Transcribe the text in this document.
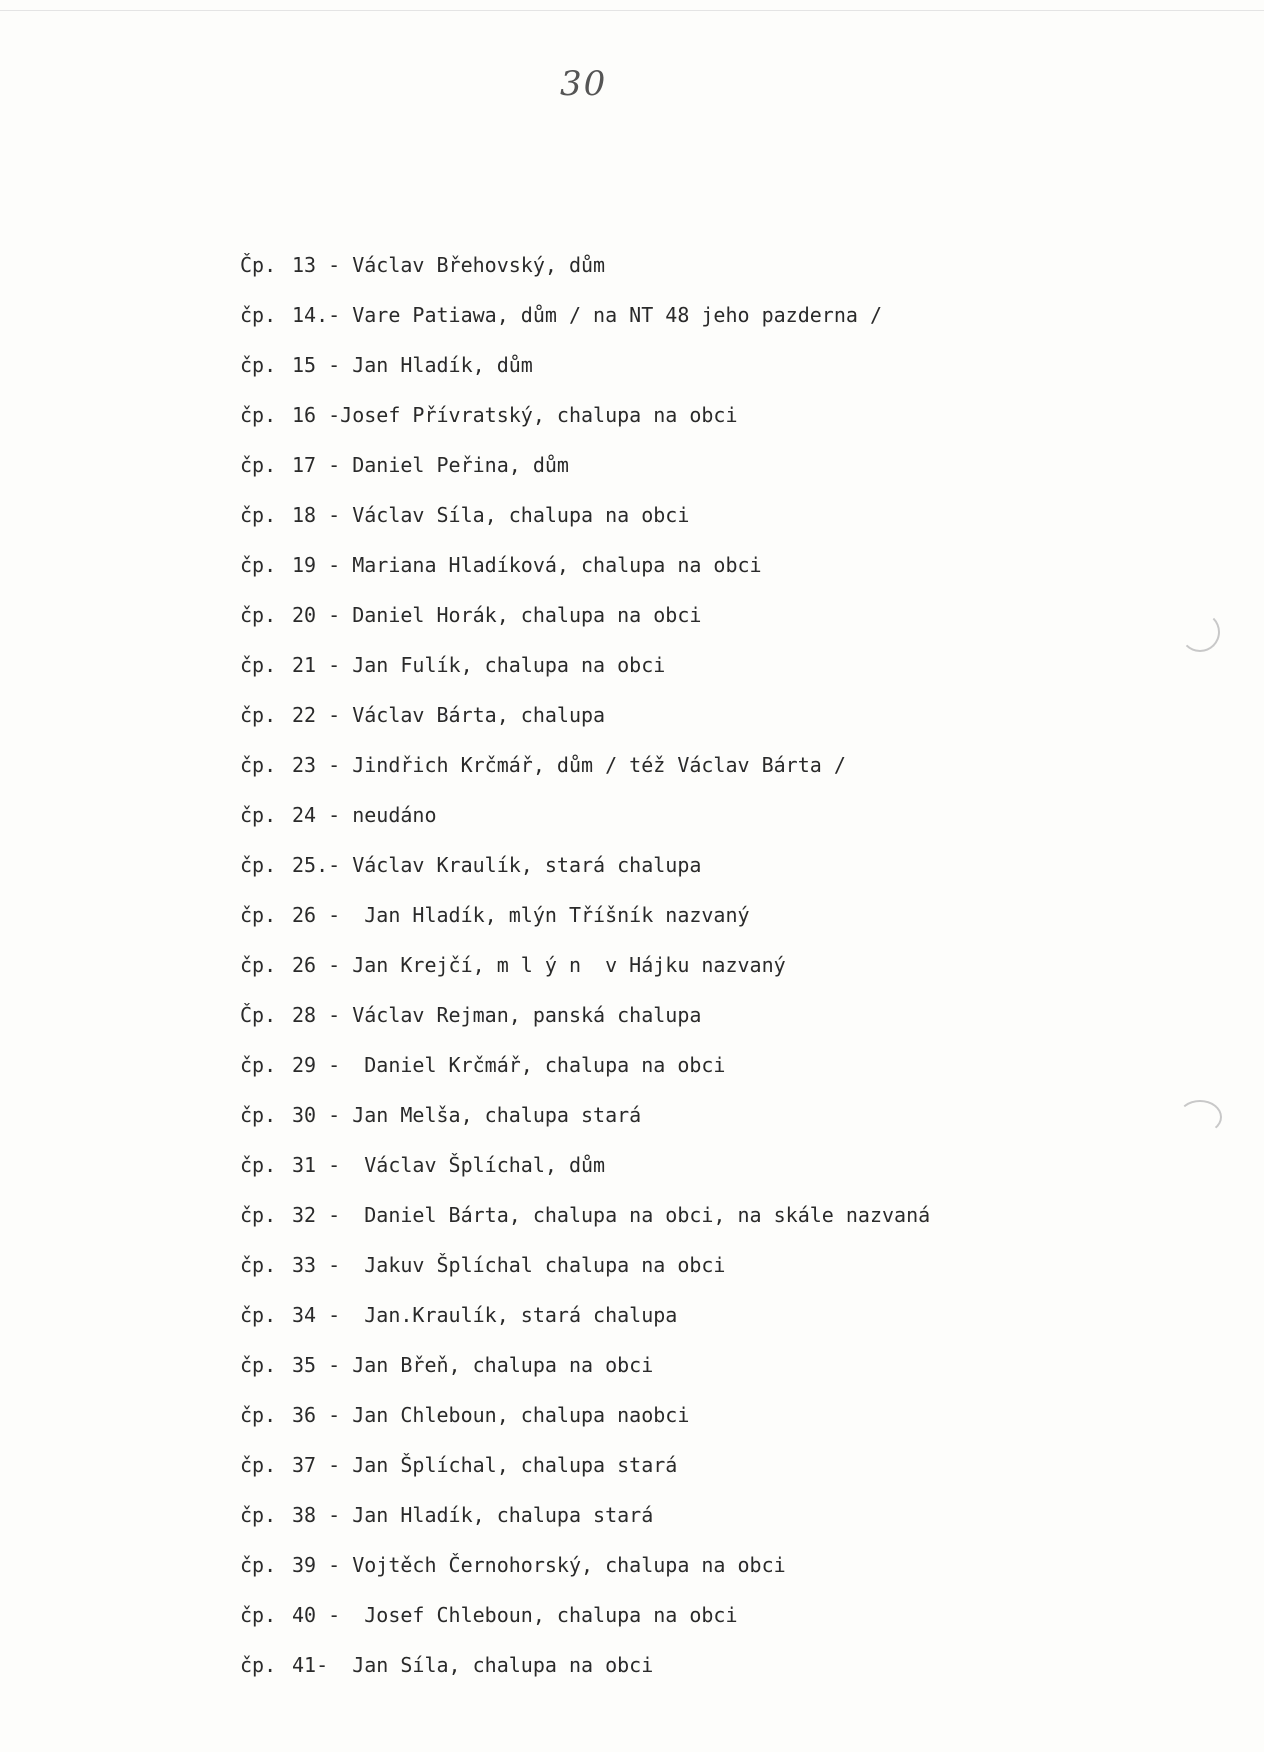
30
Čp. 13 - Václav Břehovský, dům
čp. 14.- Vare Patiawa, dům / na NT 48 jeho pazderna /
čp. 15 - Jan Hladík, dům
čp. 16 -Josef Přívratský, chalupa na obci
čp. 17 - Daniel Peřina, dům
čp. 18 - Václav Síla, chalupa na obci
čp. 19 - Mariana Hladíková, chalupa na obci
čp. 20 - Daniel Horák, chalupa na obci
čp. 21 - Jan Fulík, chalupa na obci
čp. 22 - Václav Bárta, chalupa
čp. 23 - Jindřich Krčmář, dům / též Václav Bárta /
čp. 24 - neudáno
čp. 25.- Václav Kraulík, stará chalupa
čp. 26 -  Jan Hladík, mlýn Tříšník nazvaný
čp. 26 - Jan Krejčí, m l ý n  v Hájku nazvaný
Čp. 28 - Václav Rejman, panská chalupa
čp. 29 -  Daniel Krčmář, chalupa na obci
čp. 30 - Jan Melša, chalupa stará
čp. 31 -  Václav Šplíchal, dům
čp. 32 -  Daniel Bárta, chalupa na obci, na skále nazvaná
čp. 33 -  Jakuv Šplíchal chalupa na obci
čp. 34 -  Jan.Kraulík, stará chalupa
čp. 35 - Jan Břeň, chalupa na obci
čp. 36 - Jan Chleboun, chalupa naobci
čp. 37 - Jan Šplíchal, chalupa stará
čp. 38 - Jan Hladík, chalupa stará
čp. 39 - Vojtěch Černohorský, chalupa na obci
čp. 40 -  Josef Chleboun, chalupa na obci
čp. 41-  Jan Síla, chalupa na obci
